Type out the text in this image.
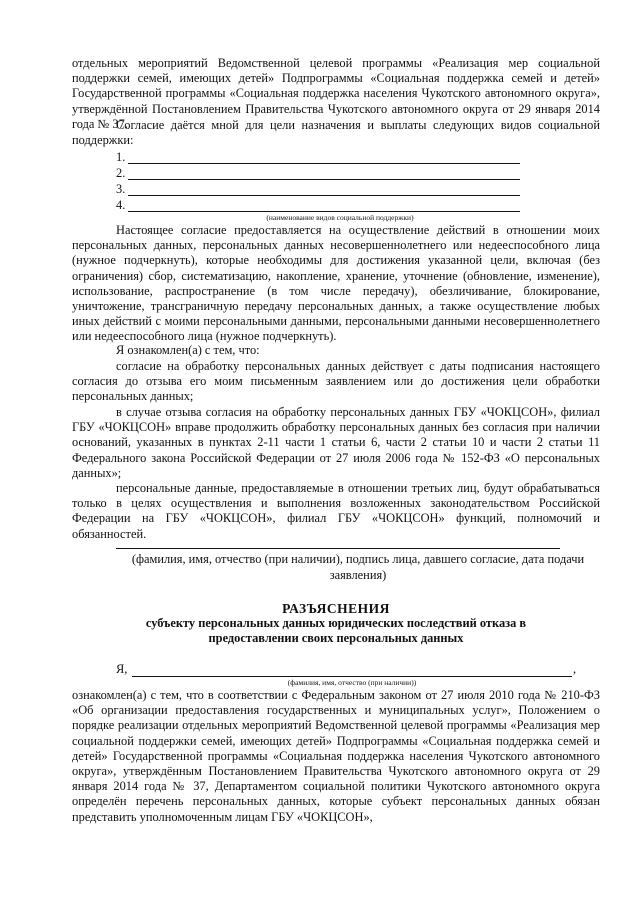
отдельных мероприятий Ведомственной целевой программы «Реализация мер социальной поддержки семей, имеющих детей» Подпрограммы «Социальная поддержка семей и детей» Государственной программы «Социальная поддержка населения Чукотского автономного округа», утверждённой Постановлением Правительства Чукотского автономного округа от 29 января 2014 года № 37.

Согласие даётся мной для цели назначения и выплаты следующих видов социальной поддержки:

1.
2.
3.
4.
(наименование видов социальной поддержки)

Настоящее согласие предоставляется на осуществление действий в отношении моих персональных данных, персональных данных несовершеннолетнего или недееспособного лица (нужное подчеркнуть), которые необходимы для достижения указанной цели, включая (без ограничения) сбор, систематизацию, накопление, хранение, уточнение (обновление, изменение), использование, распространение (в том числе передачу), обезличивание, блокирование, уничтожение, трансграничную передачу персональных данных, а также осуществление любых иных действий с моими персональными данными, персональными данными несовершеннолетнего или недееспособного лица (нужное подчеркнуть).

Я ознакомлен(а) с тем, что:

согласие на обработку персональных данных действует с даты подписания настоящего согласия до отзыва его моим письменным заявлением или до достижения цели обработки персональных данных;

в случае отзыва согласия на обработку персональных данных ГБУ «ЧОКЦСОН», филиал ГБУ «ЧОКЦСОН» вправе продолжить обработку персональных данных без согласия при наличии оснований, указанных в пунктах 2-11 части 1 статьи 6, части 2 статьи 10 и части 2 статьи 11 Федерального закона Российской Федерации от 27 июля 2006 года № 152-ФЗ «О персональных данных»;

персональные данные, предоставляемые в отношении третьих лиц, будут обрабатываться только в целях осуществления и выполнения возложенных законодательством Российской Федерации на ГБУ «ЧОКЦСОН», филиал ГБУ «ЧОКЦСОН» функций, полномочий и обязанностей.

(фамилия, имя, отчество (при наличии), подпись лица, давшего согласие, дата подачи заявления)
РАЗЪЯСНЕНИЯ
субъекту персональных данных юридических последствий отказа в предоставлении своих персональных данных
Я,	,
(фамилия, имя, отчество (при наличии))

ознакомлен(а) с тем, что в соответствии с Федеральным законом от 27 июля 2010 года № 210-ФЗ «Об организации предоставления государственных и муниципальных услуг», Положением о порядке реализации отдельных мероприятий Ведомственной целевой программы «Реализация мер социальной поддержки семей, имеющих детей» Подпрограммы «Социальная поддержка семей и детей» Государственной программы «Социальная поддержка населения Чукотского автономного округа», утверждённым Постановлением Правительства Чукотского автономного округа от 29 января 2014 года № 37, Департаментом социальной политики Чукотского автономного округа определён перечень персональных данных, которые субъект персональных данных обязан представить уполномоченным лицам ГБУ «ЧОКЦСОН»,
